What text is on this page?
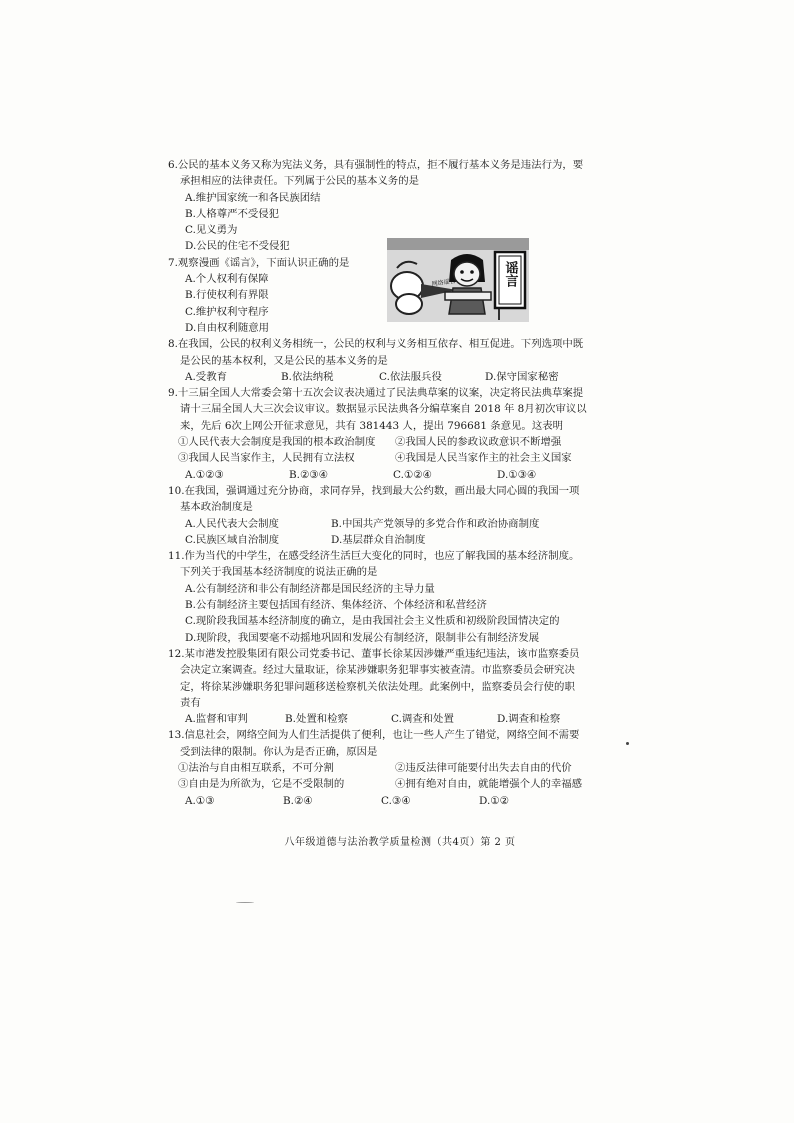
6.公民的基本义务又称为宪法义务，具有强制性的特点，拒不履行基本义务是违法行为，要
承担相应的法律责任。下列属于公民的基本义务的是
A.维护国家统一和各民族团结
B.人格尊严不受侵犯
C.见义勇为
D.公民的住宅不受侵犯
7.观察漫画《谣言》，下面认识正确的是
A.个人权利有保障
B.行使权利有界限
C.维护权利守程序
D.自由权利随意用
8.在我国，公民的权利义务相统一，公民的权利与义务相互依存、相互促进。下列选项中既
是公民的基本权利，又是公民的基本义务的是
A.受教育	B.依法纳税	C.依法服兵役	D.保守国家秘密
9.十三届全国人大常委会第十五次会议表决通过了民法典草案的议案，决定将民法典草案提
请十三届全国人大三次会议审议。数据显示民法典各分编草案自 2018 年 8月初次审议以
来，先后 6次上网公开征求意见，共有 381443 人，提出 796681 条意见。这表明
①人民代表大会制度是我国的根本政治制度	②我国人民的参政议政意识不断增强
③我国人民当家作主，人民拥有立法权	④我国是人民当家作主的社会主义国家
A.①②③	B.②③④	C.①②④	D.①③④
10.在我国，强调通过充分协商，求同存异，找到最大公约数，画出最大同心圆的我国一项
基本政治制度是
A.人民代表大会制度	B.中国共产党领导的多党合作和政治协商制度
C.民族区域自治制度	D.基层群众自治制度
11.作为当代的中学生，在感受经济生活巨大变化的同时，也应了解我国的基本经济制度。
下列关于我国基本经济制度的说法正确的是
A.公有制经济和非公有制经济都是国民经济的主导力量
B.公有制经济主要包括国有经济、集体经济、个体经济和私营经济
C.现阶段我国基本经济制度的确立，是由我国社会主义性质和初级阶段国情决定的
D.现阶段，我国要毫不动摇地巩固和发展公有制经济，限制非公有制经济发展
12.某市港发控股集团有限公司党委书记、董事长徐某因涉嫌严重违纪违法，该市监察委员
会决定立案调查。经过大量取证，徐某涉嫌职务犯罪事实被查清。市监察委员会研究决
定，将徐某涉嫌职务犯罪问题移送检察机关依法处理。此案例中，监察委员会行使的职
责有
A.监督和审判	B.处置和检察	C.调查和处置	D.调查和检察
13.信息社会，网络空间为人们生活提供了便利，也让一些人产生了错觉，网络空间不需要
受到法律的限制。你认为是否正确，原因是
①法治与自由相互联系，不可分割	②违反法律可能要付出失去自由的代价
③自由是为所欲为，它是不受限制的	④拥有绝对自由，就能增强个人的幸福感
A.①③	B.②④	C.③④	D.①②
网络谣言	谣言
八年级道德与法治教学质量检测（共4页）第 2 页
